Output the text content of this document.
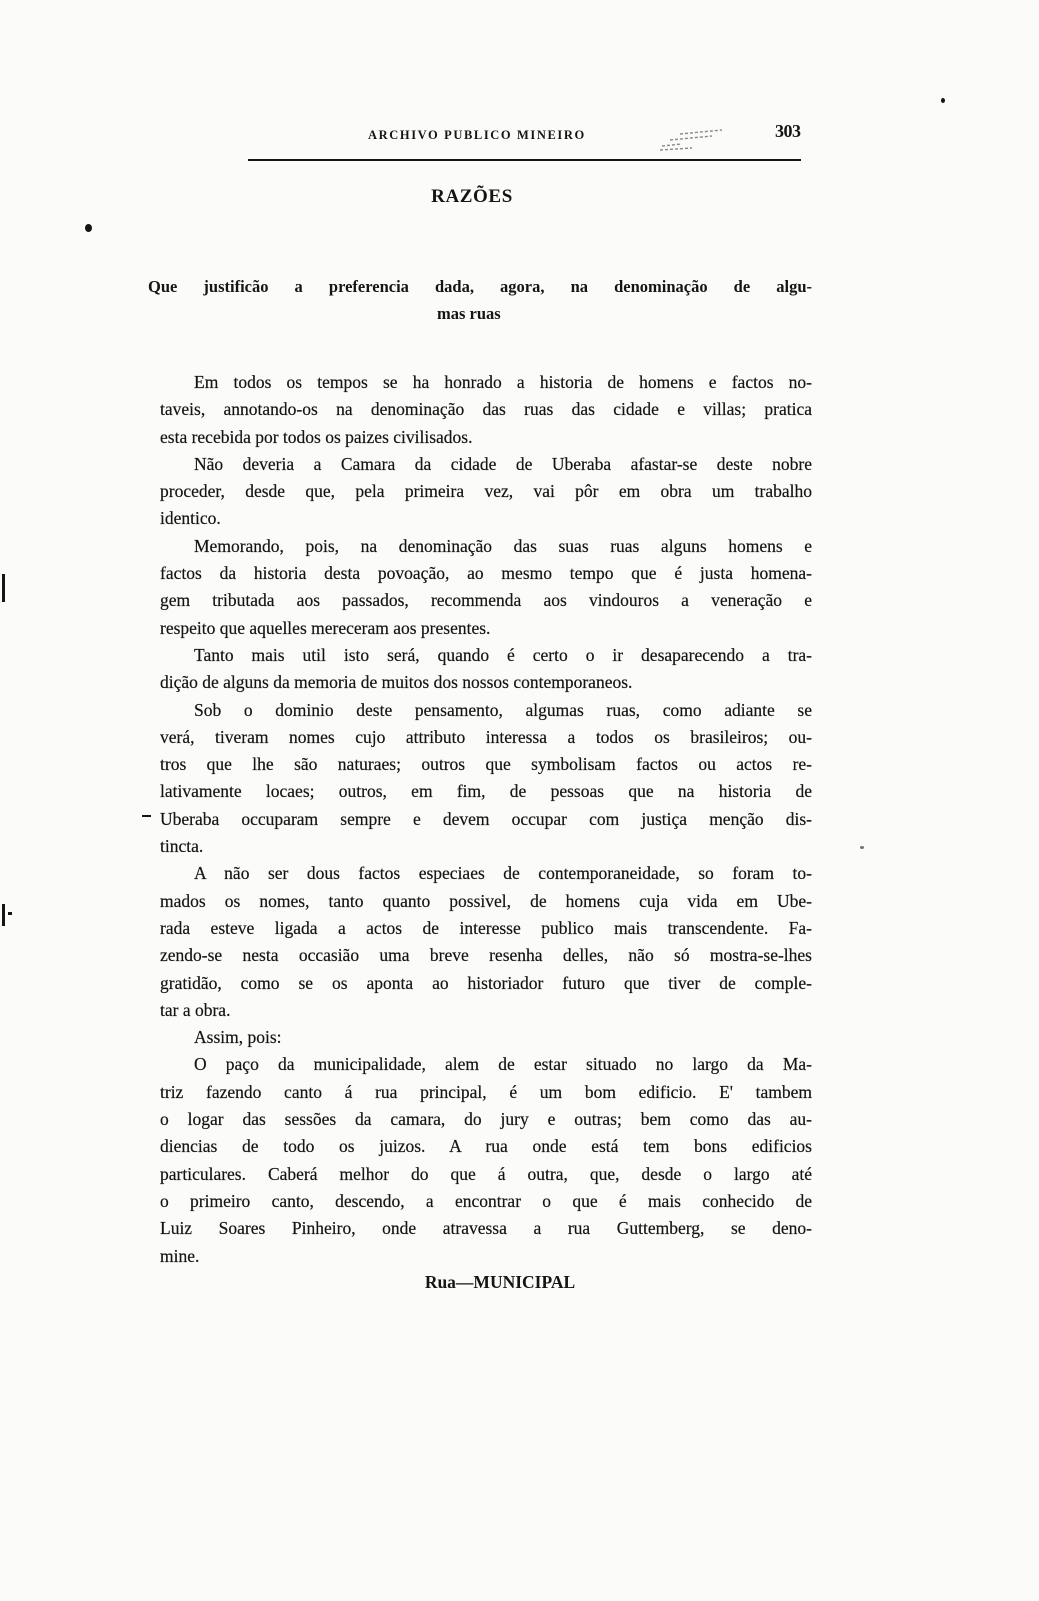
ARCHIVO PUBLICO MINEIRO	303
RAZÕES
Que justificão a preferencia dada, agora, na denominação de algu-
mas ruas
Em todos os tempos se ha honrado a historia de homens e factos no-
taveis, annotando-os na denominação das ruas das cidade e villas; pratica
esta recebida por todos os paizes civilisados.
Não deveria a Camara da cidade de Uberaba afastar-se deste nobre
proceder, desde que, pela primeira vez, vai pôr em obra um trabalho
identico.
Memorando, pois, na denominação das suas ruas alguns homens e
factos da historia desta povoação, ao mesmo tempo que é justa homena-
gem tributada aos passados, recommenda aos vindouros a veneração e
respeito que aquelles mereceram aos presentes.
Tanto mais util isto será, quando é certo o ir desaparecendo a tra-
dição de alguns da memoria de muitos dos nossos contemporaneos.
Sob o dominio deste pensamento, algumas ruas, como adiante se
verá, tiveram nomes cujo attributo interessa a todos os brasileiros; ou-
tros que lhe são naturaes; outros que symbolisam factos ou actos re-
lativamente locaes; outros, em fim, de pessoas que na historia de
Uberaba occuparam sempre e devem occupar com justiça menção dis-
tincta.
A não ser dous factos especiaes de contemporaneidade, so foram to-
mados os nomes, tanto quanto possivel, de homens cuja vida em Ube-
rada esteve ligada a actos de interesse publico mais transcendente. Fa-
zendo-se nesta occasião uma breve resenha delles, não só mostra-se-lhes
gratidão, como se os aponta ao historiador futuro que tiver de comple-
tar a obra.
Assim, pois:
O paço da municipalidade, alem de estar situado no largo da Ma-
triz fazendo canto á rua principal, é um bom edificio. E' tambem
o logar das sessões da camara, do jury e outras; bem como das au-
diencias de todo os juizos. A rua onde está tem bons edificios
particulares. Caberá melhor do que á outra, que, desde o largo até
o primeiro canto, descendo, a encontrar o que é mais conhecido de
Luiz Soares Pinheiro, onde atravessa a rua Guttemberg, se deno-
mine.
Rua—MUNICIPAL
